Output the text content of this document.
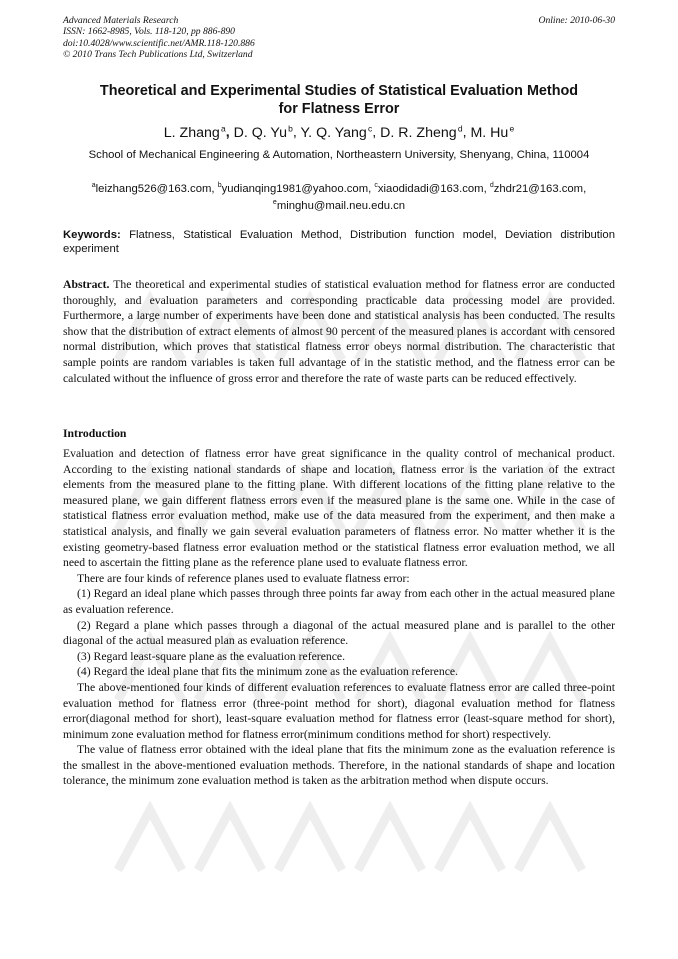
Advanced Materials Research
ISSN: 1662-8985, Vols. 118-120, pp 886-890
doi:10.4028/www.scientific.net/AMR.118-120.886
© 2010 Trans Tech Publications Ltd, Switzerland
Online: 2010-06-30
Theoretical and Experimental Studies of Statistical Evaluation Method
for Flatness Error
L. Zhang $^a$, D. Q. Yu $^b$, Y. Q. Yang $^c$, D. R. Zheng $^d$, M. Hu $^e$
School of Mechanical Engineering & Automation, Northeastern University, Shenyang, China, 110004
$^a$leizhang526@163.com, $^b$yudianqing1981@yahoo.com, $^c$xiaodidadi@163.com, $^d$zhdr21@163.com,
$^e$minghu@mail.neu.edu.cn
Keywords: Flatness, Statistical Evaluation Method, Distribution function model, Deviation distribution experiment
Abstract. The theoretical and experimental studies of statistical evaluation method for flatness error are conducted thoroughly, and evaluation parameters and corresponding practicable data processing model are provided. Furthermore, a large number of experiments have been done and statistical analysis has been conducted. The results show that the distribution of extract elements of almost 90 percent of the measured planes is accordant with censored normal distribution, which proves that statistical flatness error obeys normal distribution. The characteristic that sample points are random variables is taken full advantage of in the statistic method, and the flatness error can be calculated without the influence of gross error and therefore the rate of waste parts can be reduced effectively.
Introduction

Evaluation and detection of flatness error have great significance in the quality control of mechanical product. According to the existing national standards of shape and location, flatness error is the variation of the extract elements from the measured plane to the fitting plane. With different locations of the fitting plane relative to the measured plane, we gain different flatness errors even if the measured plane is the same one. While in the case of statistical flatness error evaluation method, make use of the data measured from the experiment, and then make a statistical analysis, and finally we gain several evaluation parameters of flatness error. No matter whether it is the existing geometry-based flatness error evaluation method or the statistical flatness error evaluation method, we all need to ascertain the fitting plane as the reference plane used to evaluate flatness error.

There are four kinds of reference planes used to evaluate flatness error:

(1) Regard an ideal plane which passes through three points far away from each other in the actual measured plane as evaluation reference.

(2) Regard a plane which passes through a diagonal of the actual measured plane and is parallel to the other diagonal of the actual measured plan as evaluation reference.

(3) Regard least-square plane as the evaluation reference.

(4) Regard the ideal plane that fits the minimum zone as the evaluation reference.

The above-mentioned four kinds of different evaluation references to evaluate flatness error are called three-point evaluation method for flatness error (three-point method for short), diagonal evaluation method for flatness error(diagonal method for short), least-square evaluation method for flatness error (least-square method for short), minimum zone evaluation method for flatness error(minimum conditions method for short) respectively.

The value of flatness error obtained with the ideal plane that fits the minimum zone as the evaluation reference is the smallest in the above-mentioned evaluation methods. Therefore, in the national standards of shape and location tolerance, the minimum zone evaluation method is taken as the arbitration method when dispute occurs.
